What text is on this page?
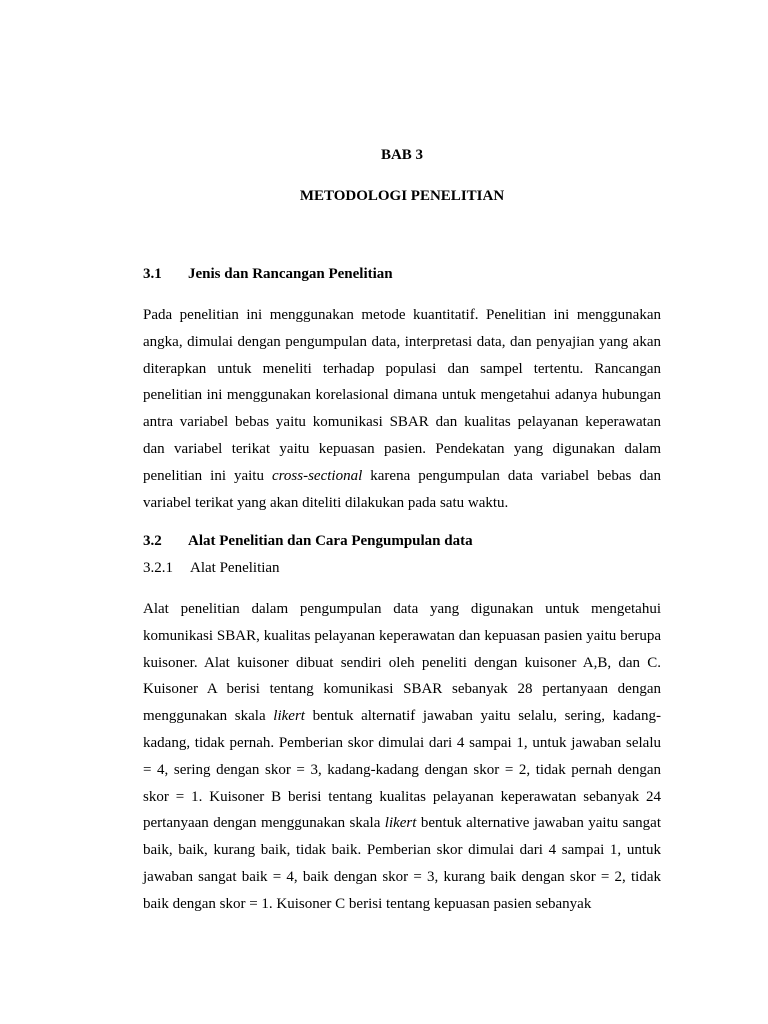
BAB 3
METODOLOGI PENELITIAN
3.1 Jenis dan Rancangan Penelitian
Pada penelitian ini menggunakan metode kuantitatif. Penelitian ini menggunakan
angka, dimulai dengan pengumpulan data, interpretasi data, dan penyajian yang akan
diterapkan untuk meneliti terhadap populasi dan sampel tertentu. Rancangan
penelitian ini menggunakan korelasional dimana untuk mengetahui adanya hubungan
antra variabel bebas yaitu komunikasi SBAR dan kualitas pelayanan keperawatan
dan variabel terikat yaitu kepuasan pasien. Pendekatan yang digunakan dalam
penelitian ini yaitu cross-sectional karena pengumpulan data variabel bebas dan
variabel terikat yang akan diteliti dilakukan pada satu waktu.
3.2 Alat Penelitian dan Cara Pengumpulan data
3.2.1 Alat Penelitian
Alat penelitian dalam pengumpulan data yang digunakan untuk mengetahui
komunikasi SBAR, kualitas pelayanan keperawatan dan kepuasan pasien yaitu berupa
kuisoner. Alat kuisoner dibuat sendiri oleh peneliti dengan kuisoner A,B, dan C.
Kuisoner A berisi tentang komunikasi SBAR sebanyak 28 pertanyaan dengan
menggunakan skala likert bentuk alternatif jawaban yaitu selalu, sering, kadang-
kadang, tidak pernah. Pemberian skor dimulai dari 4 sampai 1, untuk jawaban selalu
= 4, sering dengan skor = 3, kadang-kadang dengan skor = 2, tidak pernah dengan
skor = 1. Kuisoner B berisi tentang kualitas pelayanan keperawatan sebanyak 24
pertanyaan dengan menggunakan skala likert bentuk alternative jawaban yaitu sangat
baik, baik, kurang baik, tidak baik. Pemberian skor dimulai dari 4 sampai 1, untuk
jawaban sangat baik = 4, baik dengan skor = 3, kurang baik dengan skor = 2, tidak
baik dengan skor = 1. Kuisoner C berisi tentang kepuasan pasien sebanyak
